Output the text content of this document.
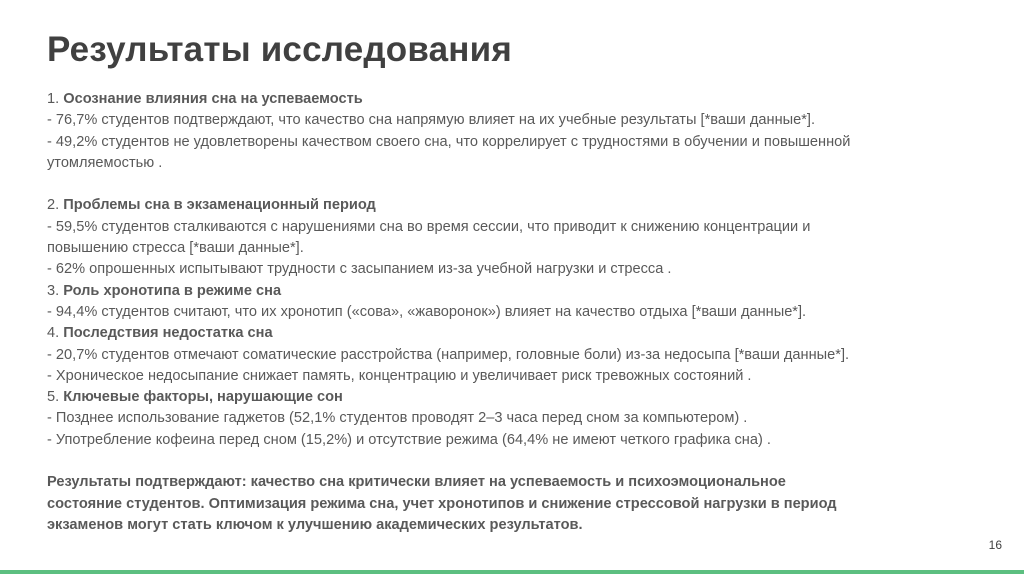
Результаты исследования

1. Осознание влияния сна на успеваемость

- 76,7% студентов подтверждают, что качество сна напрямую влияет на их учебные результаты [*ваши данные*].

- 49,2% студентов не удовлетворены качеством своего сна, что коррелирует с трудностями в обучении и повышенной

утомляемостью .

2. Проблемы сна в экзаменационный период

- 59,5% студентов сталкиваются с нарушениями сна во время сессии, что приводит к снижению концентрации и

повышению стресса [*ваши данные*].

- 62% опрошенных испытывают трудности с засыпанием из-за учебной нагрузки и стресса .

3. Роль хронотипа в режиме сна

- 94,4% студентов считают, что их хронотип («сова», «жаворонок») влияет на качество отдыха [*ваши данные*].

4. Последствия недостатка сна

- 20,7% студентов отмечают соматические расстройства (например, головные боли) из-за недосыпа [*ваши данные*].

- Хроническое недосыпание снижает память, концентрацию и увеличивает риск тревожных состояний .

5. Ключевые факторы, нарушающие сон

- Позднее использование гаджетов (52,1% студентов проводят 2–3 часа перед сном за компьютером) .

- Употребление кофеина перед сном (15,2%) и отсутствие режима (64,4% не имеют четкого графика сна) .

Результаты подтверждают: качество сна критически влияет на успеваемость и психоэмоциональное

состояние студентов. Оптимизация режима сна, учет хронотипов и снижение стрессовой нагрузки в период

экзаменов могут стать ключом к улучшению академических результатов.

16
